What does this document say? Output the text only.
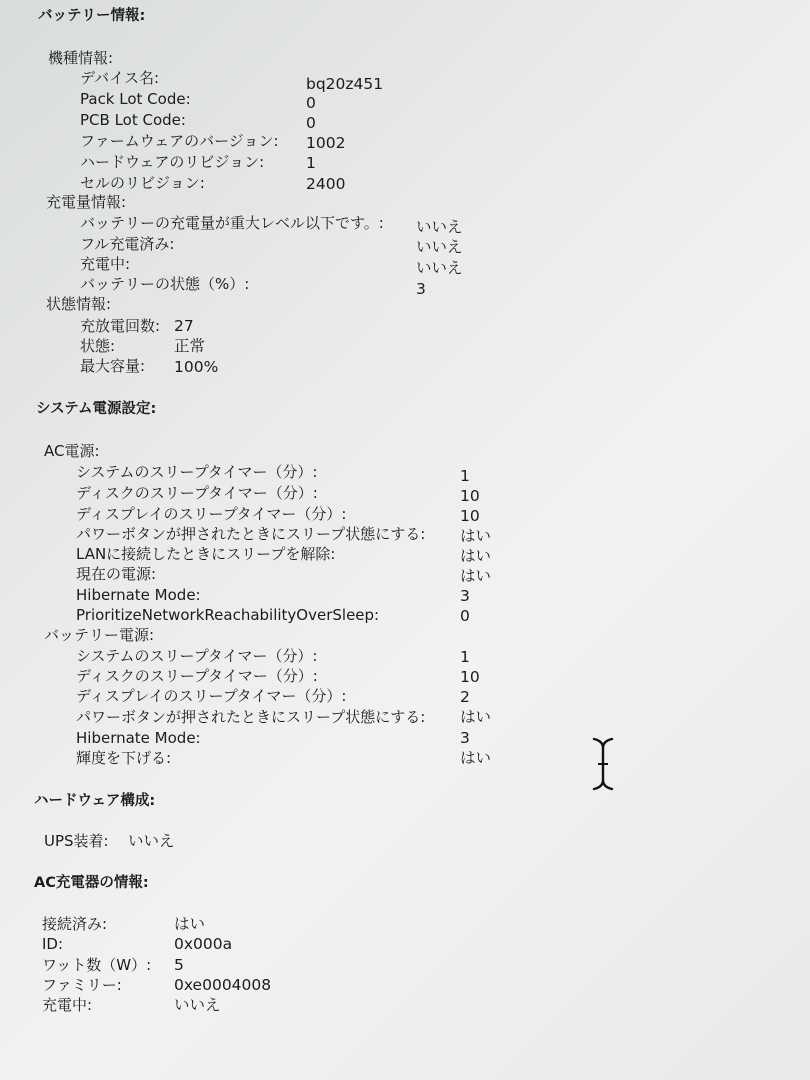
バッテリー情報:
機種情報:
デバイス名:	bq20z451
Pack Lot Code:	0
PCB Lot Code:	0
ファームウェアのバージョン: 1002
ハードウェアのリビジョン:	1
セルのリビジョン:	2400
充電量情報:
バッテリーの充電量が重大レベル以下です。: いいえ
フル充電済み:	いいえ
充電中:	いいえ
バッテリーの状態（%）:	3
状態情報:
充放電回数: 27
状態:	正常
最大容量: 100%
システム電源設定:
AC電源:
システムのスリープタイマー（分）:	1
ディスクのスリープタイマー（分）:	10
ディスプレイのスリープタイマー（分）:	10
パワーボタンが押されたときにスリープ状態にする: はい
LANに接続したときにスリープを解除:	はい
現在の電源:	はい
Hibernate Mode:	3
PrioritizeNetworkReachabilityOverSleep:	0
バッテリー電源:
システムのスリープタイマー（分）:	1
ディスクのスリープタイマー（分）:	10
ディスプレイのスリープタイマー（分）:	2
パワーボタンが押されたときにスリープ状態にする: はい
Hibernate Mode:	3
輝度を下げる:	はい
ハードウェア構成:
UPS装着: いいえ
AC充電器の情報:
接続済み:	はい
ID:	0x000a
ワット数（W）: 5
ファミリー:	0xe0004008
充電中:	いいえ
